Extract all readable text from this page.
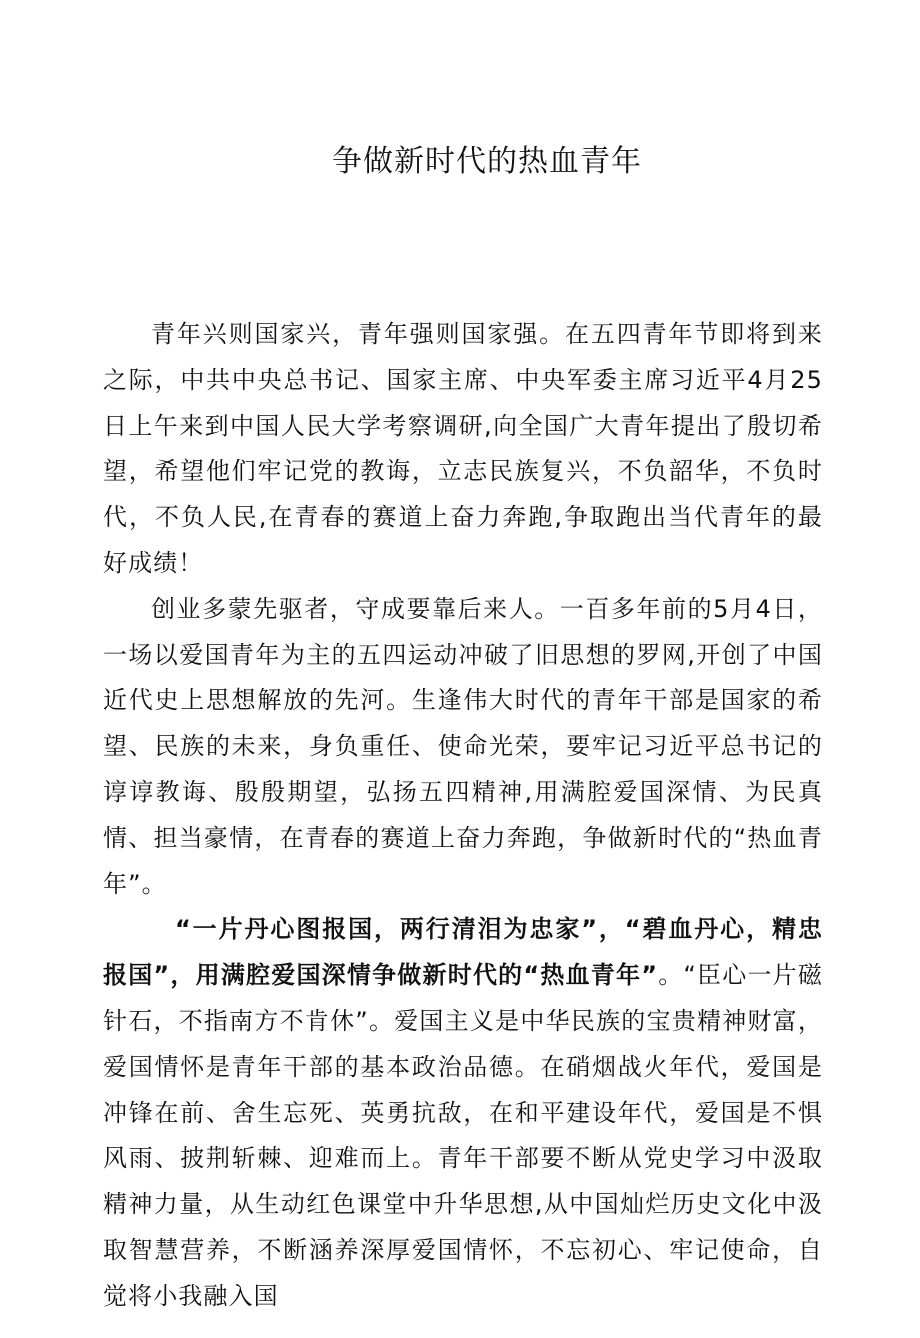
争做新时代的热血青年

青年兴则国家兴，青年强则国家强。在五四青年节即将到来之际，中共中央总书记、国家主席、中央军委主席习近平4月25日上午来到中国人民大学考察调研,向全国广大青年提出了殷切希望，希望他们牢记党的教诲，立志民族复兴，不负韶华，不负时代，不负人民,在青春的赛道上奋力奔跑,争取跑出当代青年的最好成绩！

创业多蒙先驱者，守成要靠后来人。一百多年前的5月4日，一场以爱国青年为主的五四运动冲破了旧思想的罗网,开创了中国近代史上思想解放的先河。生逢伟大时代的青年干部是国家的希望、民族的未来，身负重任、使命光荣，要牢记习近平总书记的谆谆教诲、殷殷期望，弘扬五四精神,用满腔爱国深情、为民真情、担当豪情，在青春的赛道上奋力奔跑，争做新时代的“热血青年”。

“一片丹心图报国，两行清泪为忠家”，“碧血丹心，精忠报国”，用满腔爱国深情争做新时代的“热血青年”。“臣心一片磁针石，不指南方不肯休”。爱国主义是中华民族的宝贵精神财富，爱国情怀是青年干部的基本政治品德。在硝烟战火年代，爱国是冲锋在前、舍生忘死、英勇抗敌，在和平建设年代，爱国是不惧风雨、披荆斩棘、迎难而上。青年干部要不断从党史学习中汲取精神力量，从生动红色课堂中升华思想,从中国灿烂历史文化中汲取智慧营养，不断涵养深厚爱国情怀，不忘初心、牢记使命，自觉将小我融入国
